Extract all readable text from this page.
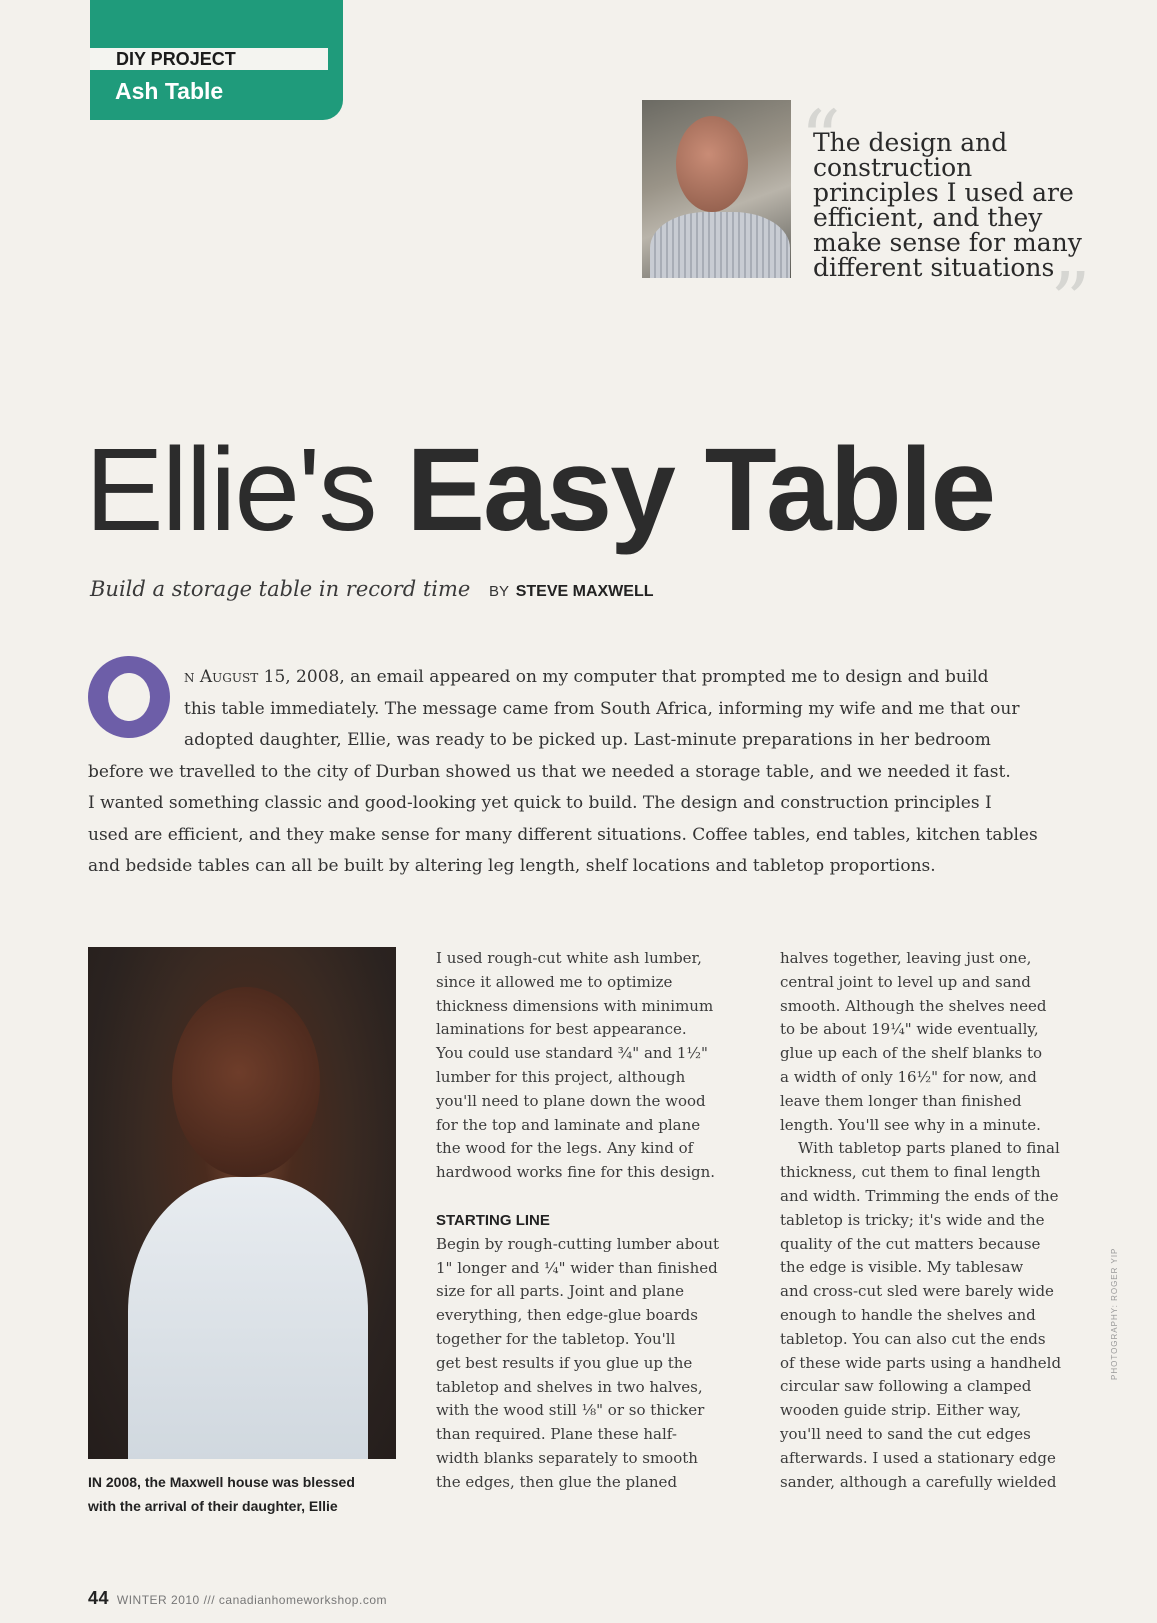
DIY PROJECT
Ash Table
“
The design and
construction
principles I used are
efficient, and they
make sense for many
different situations
”
Ellie's Easy Table
Build a storage table in record time BY STEVE MAXWELL
n August 15, 2008, an email appeared on my computer that prompted me to design and build
this table immediately. The message came from South Africa, informing my wife and me that our
adopted daughter, Ellie, was ready to be picked up. Last-minute preparations in her bedroom
before we travelled to the city of Durban showed us that we needed a storage table, and we needed it fast.
I wanted something classic and good-looking yet quick to build. The design and construction principles I
used are efficient, and they make sense for many different situations. Coffee tables, end tables, kitchen tables
and bedside tables can all be built by altering leg length, shelf locations and tabletop proportions.
IN 2008, the Maxwell house was blessed
with the arrival of their daughter, Ellie
I used rough-cut white ash lumber,
since it allowed me to optimize
thickness dimensions with minimum
laminations for best appearance.
You could use standard ¾" and 1½"
lumber for this project, although
you'll need to plane down the wood
for the top and laminate and plane
the wood for the legs. Any kind of
hardwood works fine for this design.
STARTING LINE
Begin by rough-cutting lumber about
1" longer and ¼" wider than finished
size for all parts. Joint and plane
everything, then edge-glue boards
together for the tabletop. You'll
get best results if you glue up the
tabletop and shelves in two halves,
with the wood still ⅛" or so thicker
than required. Plane these half-
width blanks separately to smooth
the edges, then glue the planed
halves together, leaving just one,
central joint to level up and sand
smooth. Although the shelves need
to be about 19¼" wide eventually,
glue up each of the shelf blanks to
a width of only 16½" for now, and
leave them longer than finished
length. You'll see why in a minute.
With tabletop parts planed to final
thickness, cut them to final length
and width. Trimming the ends of the
tabletop is tricky; it's wide and the
quality of the cut matters because
the edge is visible. My tablesaw
and cross-cut sled were barely wide
enough to handle the shelves and
tabletop. You can also cut the ends
of these wide parts using a handheld
circular saw following a clamped
wooden guide strip. Either way,
you'll need to sand the cut edges
afterwards. I used a stationary edge
sander, although a carefully wielded
PHOTOGRAPHY: ROGER YIP
44 WINTER 2010 /// canadianhomeworkshop.com
